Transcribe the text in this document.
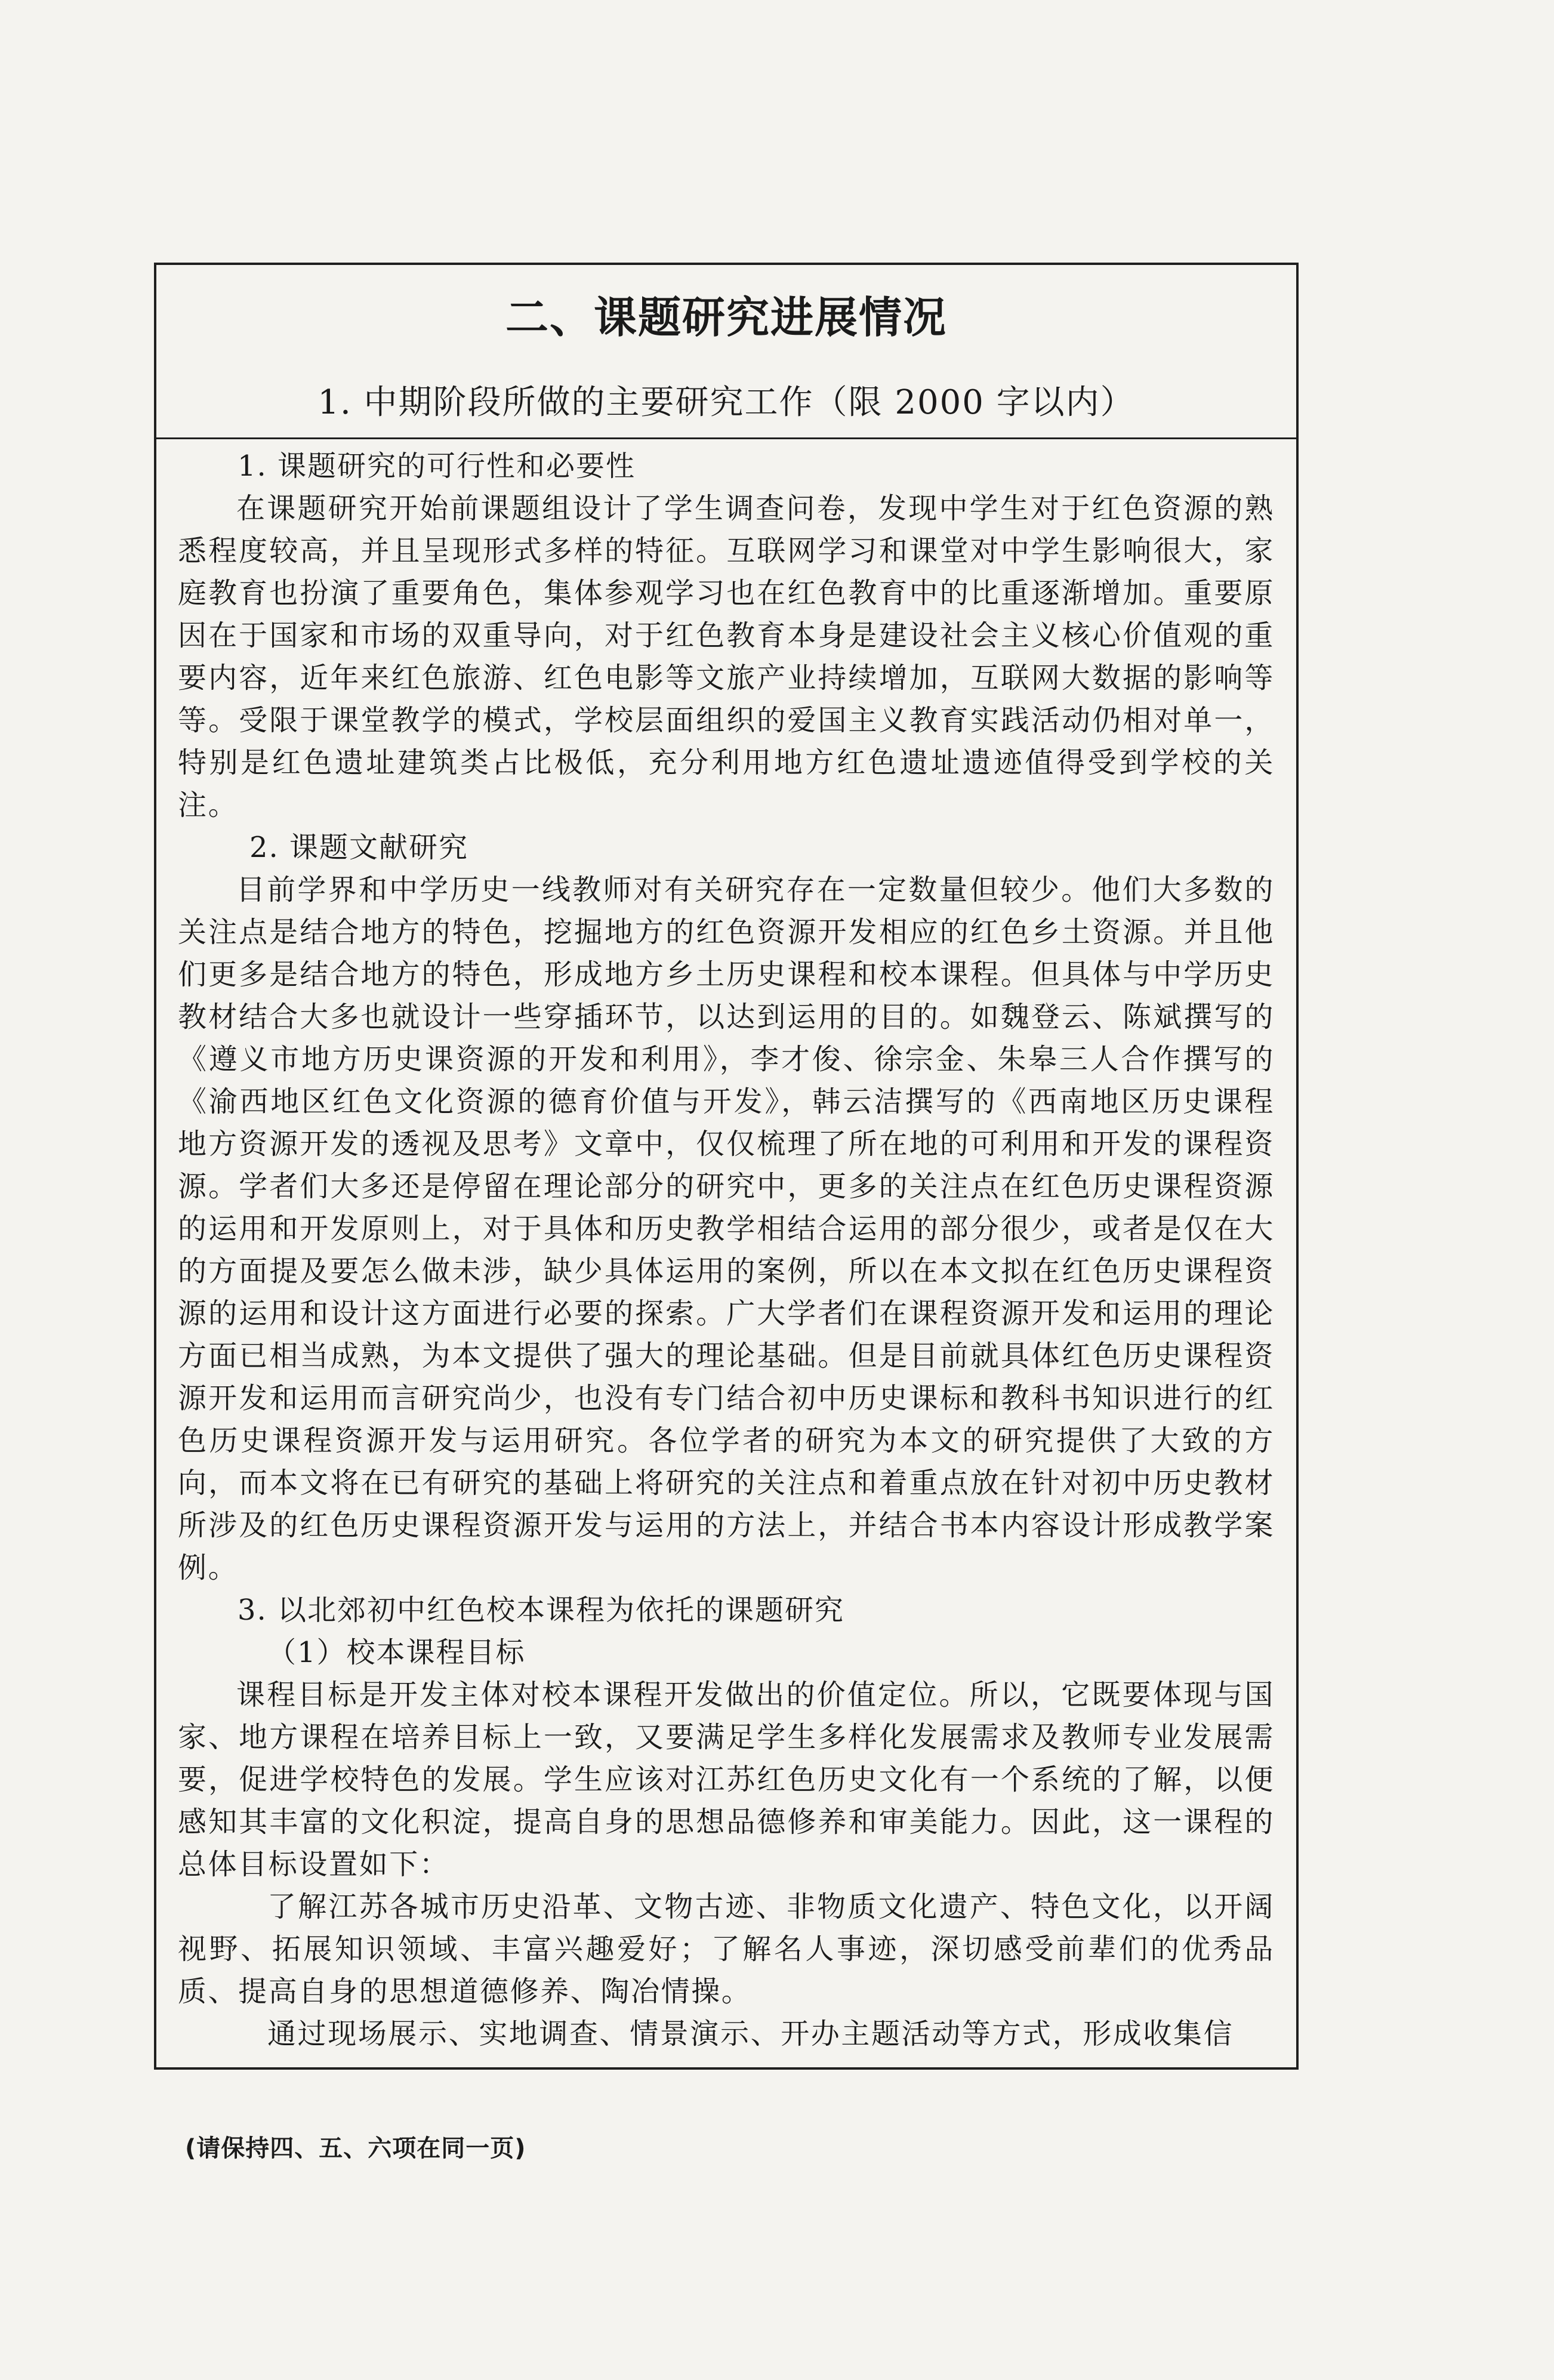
二、课题研究进展情况
1. 中期阶段所做的主要研究工作（限 2000 字以内）

1. 课题研究的可行性和必要性

在课题研究开始前课题组设计了学生调查问卷，发现中学生对于红色资源的熟悉程度较高，并且呈现形式多样的特征。互联网学习和课堂对中学生影响很大，家庭教育也扮演了重要角色，集体参观学习也在红色教育中的比重逐渐增加。重要原因在于国家和市场的双重导向，对于红色教育本身是建设社会主义核心价值观的重要内容，近年来红色旅游、红色电影等文旅产业持续增加，互联网大数据的影响等等。受限于课堂教学的模式，学校层面组织的爱国主义教育实践活动仍相对单一，特别是红色遗址建筑类占比极低，充分利用地方红色遗址遗迹值得受到学校的关注。

2. 课题文献研究

目前学界和中学历史一线教师对有关研究存在一定数量但较少。他们大多数的关注点是结合地方的特色，挖掘地方的红色资源开发相应的红色乡土资源。并且他们更多是结合地方的特色，形成地方乡土历史课程和校本课程。但具体与中学历史教材结合大多也就设计一些穿插环节，以达到运用的目的。如魏登云、陈斌撰写的《遵义市地方历史课资源的开发和利用》，李才俊、徐宗金、朱皋三人合作撰写的《渝西地区红色文化资源的德育价值与开发》，韩云洁撰写的《西南地区历史课程地方资源开发的透视及思考》文章中，仅仅梳理了所在地的可利用和开发的课程资源。学者们大多还是停留在理论部分的研究中，更多的关注点在红色历史课程资源的运用和开发原则上，对于具体和历史教学相结合运用的部分很少，或者是仅在大的方面提及要怎么做未涉，缺少具体运用的案例，所以在本文拟在红色历史课程资源的运用和设计这方面进行必要的探索。广大学者们在课程资源开发和运用的理论方面已相当成熟，为本文提供了强大的理论基础。但是目前就具体红色历史课程资源开发和运用而言研究尚少，也没有专门结合初中历史课标和教科书知识进行的红色历史课程资源开发与运用研究。各位学者的研究为本文的研究提供了大致的方向，而本文将在已有研究的基础上将研究的关注点和着重点放在针对初中历史教材所涉及的红色历史课程资源开发与运用的方法上，并结合书本内容设计形成教学案例。

3. 以北郊初中红色校本课程为依托的课题研究

（1）校本课程目标

课程目标是开发主体对校本课程开发做出的价值定位。所以，它既要体现与国家、地方课程在培养目标上一致，又要满足学生多样化发展需求及教师专业发展需要，促进学校特色的发展。学生应该对江苏红色历史文化有一个系统的了解，以便感知其丰富的文化积淀，提高自身的思想品德修养和审美能力。因此，这一课程的总体目标设置如下：

了解江苏各城市历史沿革、文物古迹、非物质文化遗产、特色文化，以开阔视野、拓展知识领域、丰富兴趣爱好；了解名人事迹，深切感受前辈们的优秀品质、提高自身的思想道德修养、陶冶情操。

通过现场展示、实地调查、情景演示、开办主题活动等方式，形成收集信

(请保持四、五、六项在同一页)
